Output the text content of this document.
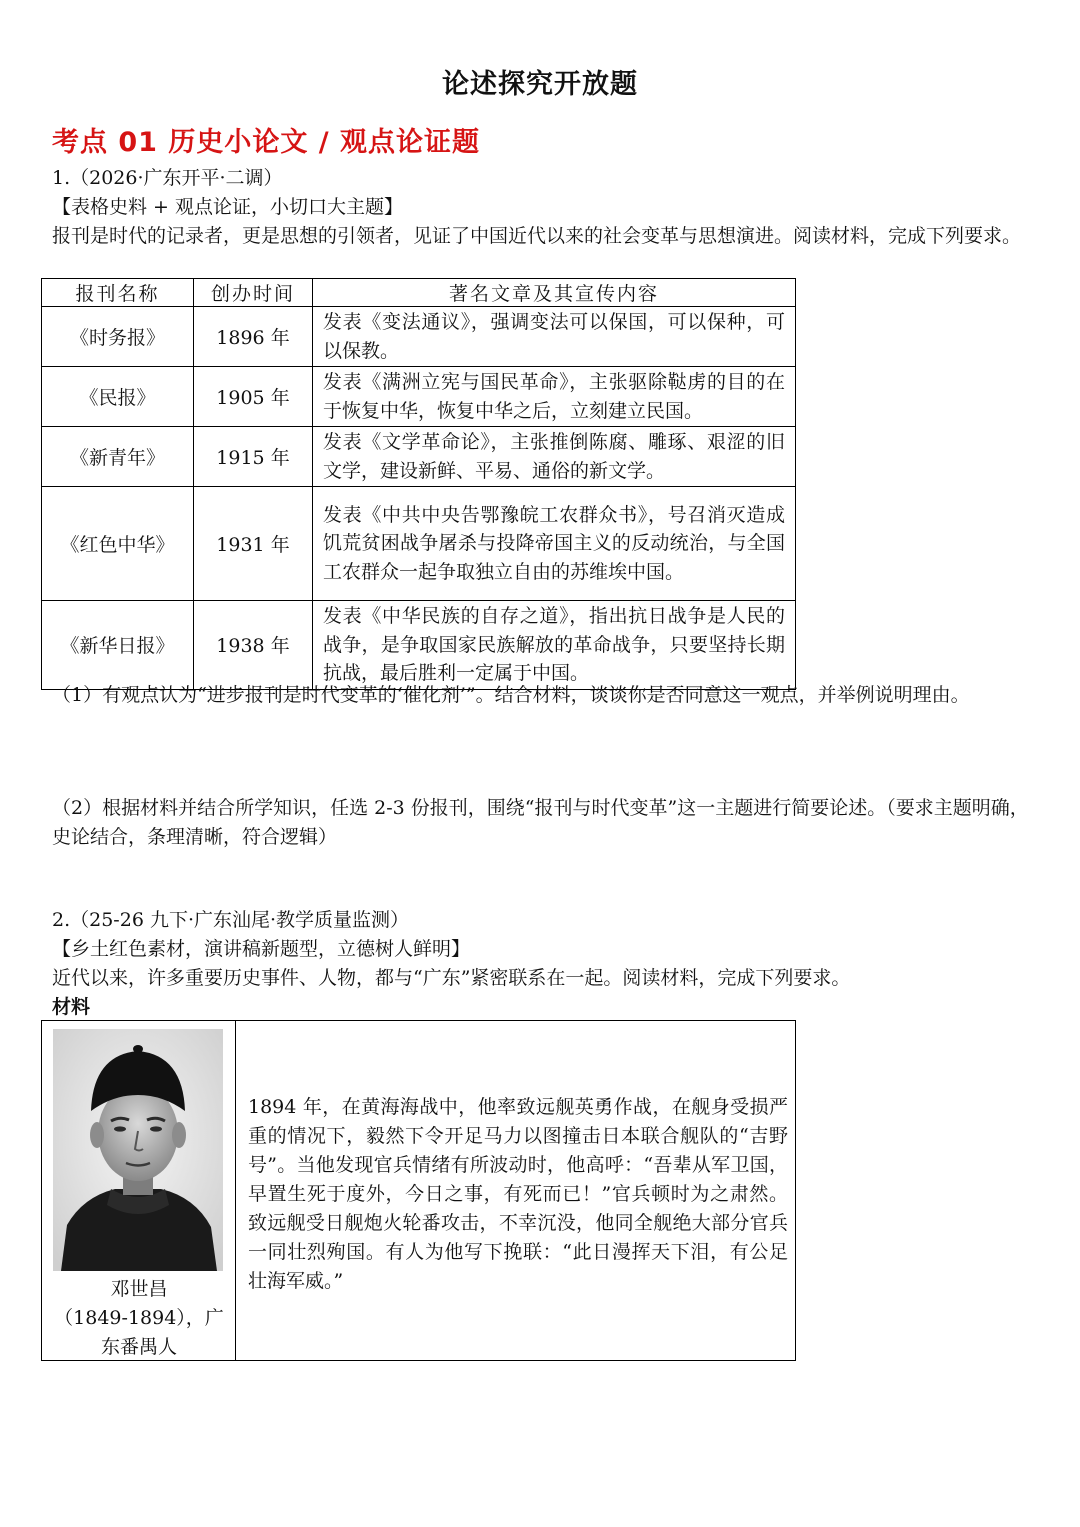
论述探究开放题
考点 01 历史小论文 / 观点论证题
1.（2026·广东开平·二调）
【表格史料 + 观点论证，小切口大主题】
报刊是时代的记录者，更是思想的引领者，见证了中国近代以来的社会变革与思想演进。阅读材料，完成下列要求。
报刊名称	创办时间	著名文章及其宣传内容
《时务报》	1896 年	发表《变法通议》，强调变法可以保国，可以保种，可以保教。
《民报》	1905 年	发表《满洲立宪与国民革命》，主张驱除鞑虏的目的在于恢复中华，恢复中华之后，立刻建立民国。
《新青年》	1915 年	发表《文学革命论》，主张推倒陈腐、雕琢、艰涩的旧文学，建设新鲜、平易、通俗的新文学。
《红色中华》	1931 年	发表《中共中央告鄂豫皖工农群众书》，号召消灭造成饥荒贫困战争屠杀与投降帝国主义的反动统治，与全国工农群众一起争取独立自由的苏维埃中国。
《新华日报》	1938 年	发表《中华民族的自存之道》，指出抗日战争是人民的战争，是争取国家民族解放的革命战争，只要坚持长期抗战，最后胜利一定属于中国。
（1）有观点认为“进步报刊是时代变革的‘催化剂’”。结合材料，谈谈你是否同意这一观点，并举例说明理由。
（2）根据材料并结合所学知识，任选 2-3 份报刊，围绕“报刊与时代变革”这一主题进行简要论述。（要求主题明确，史论结合，条理清晰，符合逻辑）
2.（25-26 九下·广东汕尾·教学质量监测）
【乡土红色素材，演讲稿新题型，立德树人鲜明】
近代以来，许多重要历史事件、人物，都与“广东”紧密联系在一起。阅读材料，完成下列要求。
材料
邓世昌
（1849-1894），广
东番禺人
1894 年，在黄海海战中，他率致远舰英勇作战，在舰身受损严重的情况下，毅然下令开足马力以图撞击日本联合舰队的“吉野号”。当他发现官兵情绪有所波动时，他高呼：“吾辈从军卫国，早置生死于度外，今日之事，有死而已！”官兵顿时为之肃然。致远舰受日舰炮火轮番攻击，不幸沉没，他同全舰绝大部分官兵一同壮烈殉国。有人为他写下挽联：“此日漫挥天下泪，有公足壮海军威。”
